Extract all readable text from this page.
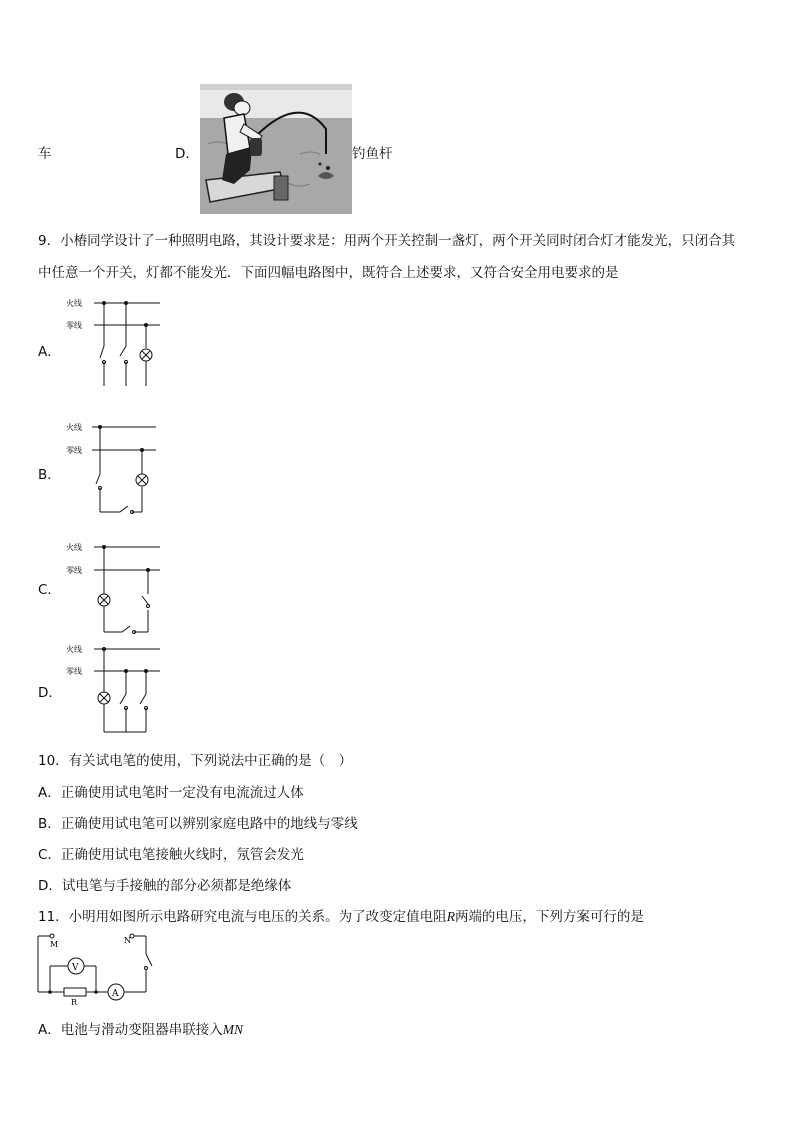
车	D．	钓鱼杆
9．小椿同学设计了一种照明电路，其设计要求是：用两个开关控制一盏灯，两个开关同时闭合灯才能发光，只闭合其
中任意一个开关，灯都不能发光．下面四幅电路图中，既符合上述要求，又符合安全用电要求的是
A．
火线
零线
B．
火线
零线
C．
火线
零线
D．
火线
零线
10．有关试电笔的使用，下列说法中正确的是（　）
A．正确使用试电笔时一定没有电流流过人体
B．正确使用试电笔可以辨别家庭电路中的地线与零线
C．正确使用试电笔接触火线时，氖管会发光
D．试电笔与手接触的部分必须都是绝缘体
11．小明用如图所示电路研究电流与电压的关系。为了改变定值电阻R两端的电压，下列方案可行的是
M	N
V
R
A
A．电池与滑动变阻器串联接入MN
